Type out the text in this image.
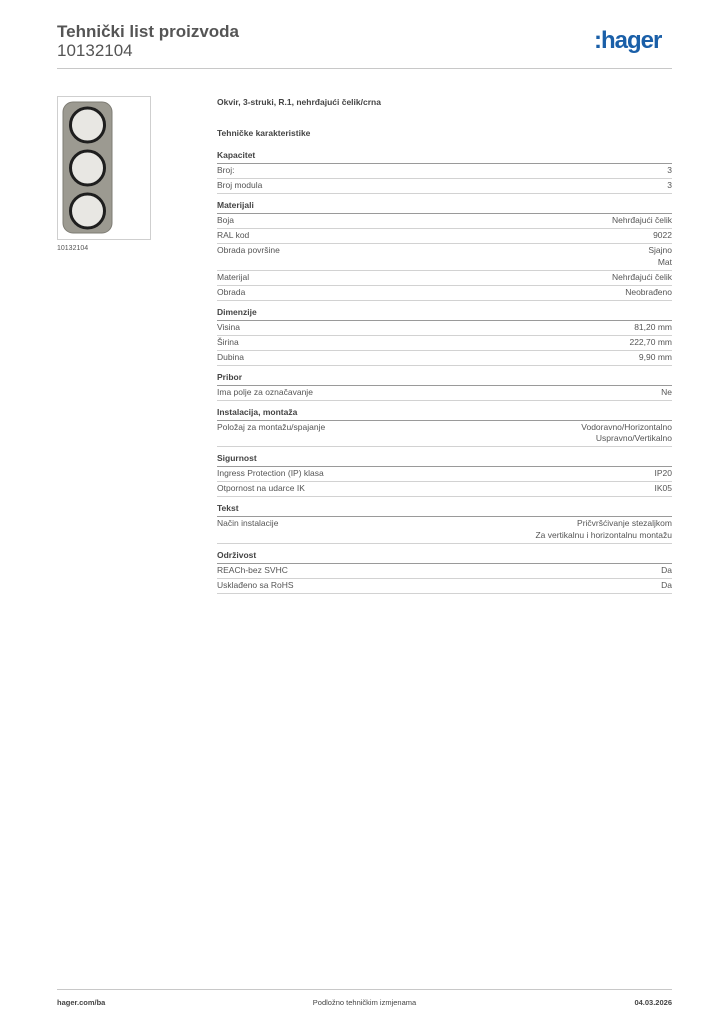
Tehnički list proizvoda
10132104	:hager
10132104
Okvir, 3-struki, R.1, nehrđajući čelik/crna
Tehničke karakteristike
Kapacitet
Broj:	3
Broj modula	3
Materijali
Boja	Nehrđajući čelik
RAL kod	9022
Obrada površine	Sjajno
Mat
Materijal	Nehrđajući čelik
Obrada	Neobrađeno
Dimenzije
Visina	81,20 mm
Širina	222,70 mm
Dubina	9,90 mm
Pribor
Ima polje za označavanje	Ne
Instalacija, montaža
Položaj za montažu/spajanje	Vodoravno/Horizontalno
Uspravno/Vertikalno
Sigurnost
Ingress Protection (IP) klasa	IP20
Otpornost na udarce IK	IK05
Tekst
Način instalacije	Pričvršćivanje stezaljkom
Za vertikalnu i horizontalnu montažu
Održivost
REACh-bez SVHC	Da
Usklađeno sa RoHS	Da
hager.com/ba	Podložno tehničkim izmjenama	04.03.2026
